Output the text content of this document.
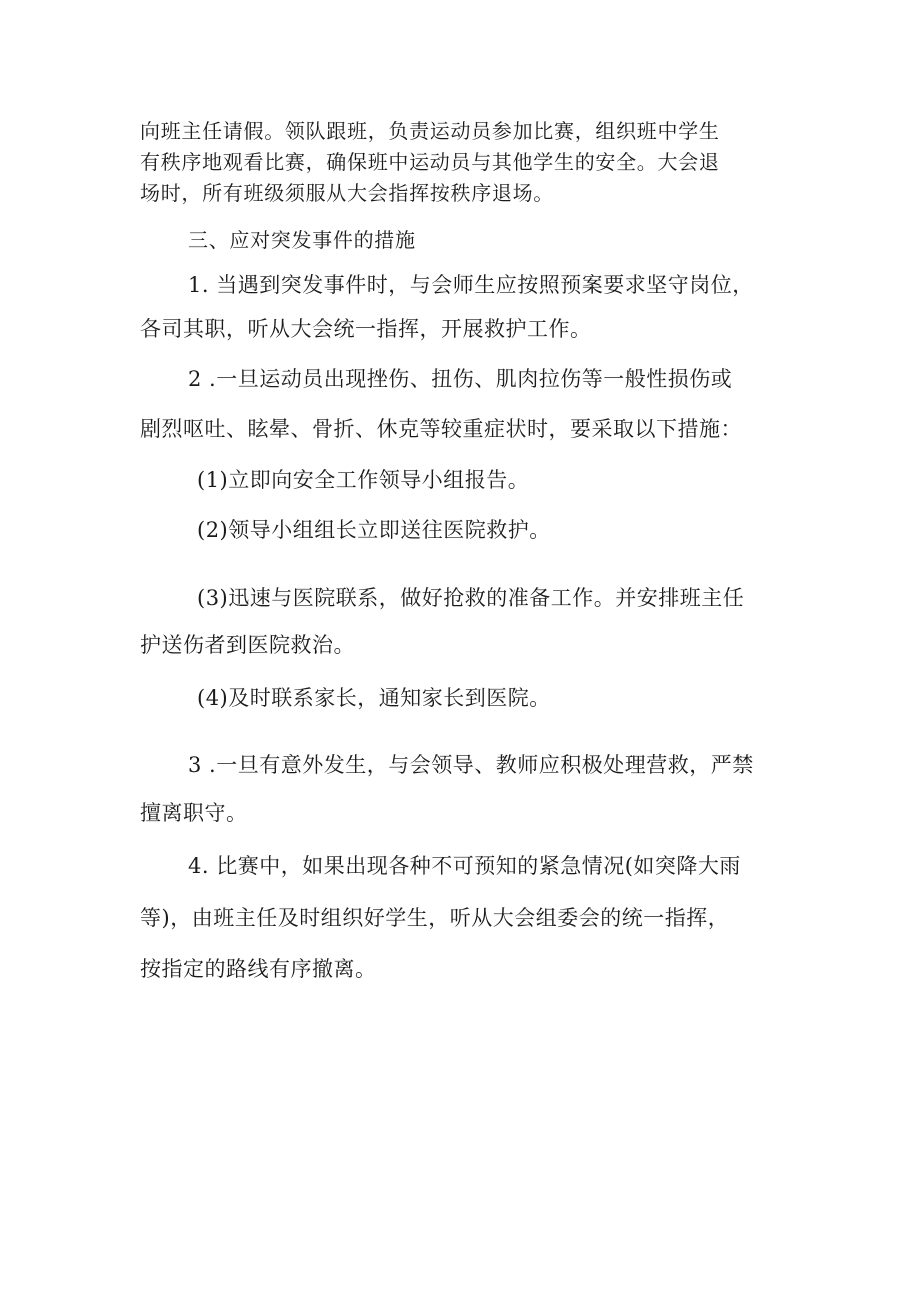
向班主任请假。领队跟班，负责运动员参加比赛，组织班中学生
有秩序地观看比赛，确保班中运动员与其他学生的安全。大会退
场时，所有班级须服从大会指挥按秩序退场。
三、应对突发事件的措施
1. 当遇到突发事件时，与会师生应按照预案要求坚守岗位，
各司其职，听从大会统一指挥，开展救护工作。
2 .一旦运动员出现挫伤、扭伤、肌肉拉伤等一般性损伤或
剧烈呕吐、眩晕、骨折、休克等较重症状时，要采取以下措施：
(1)立即向安全工作领导小组报告。
(2)领导小组组长立即送往医院救护。
(3)迅速与医院联系，做好抢救的准备工作。并安排班主任
护送伤者到医院救治。
(4)及时联系家长，通知家长到医院。
3 .一旦有意外发生，与会领导、教师应积极处理营救，严禁
擅离职守。
4. 比赛中，如果出现各种不可预知的紧急情况(如突降大雨
等)，由班主任及时组织好学生，听从大会组委会的统一指挥，
按指定的路线有序撤离。
